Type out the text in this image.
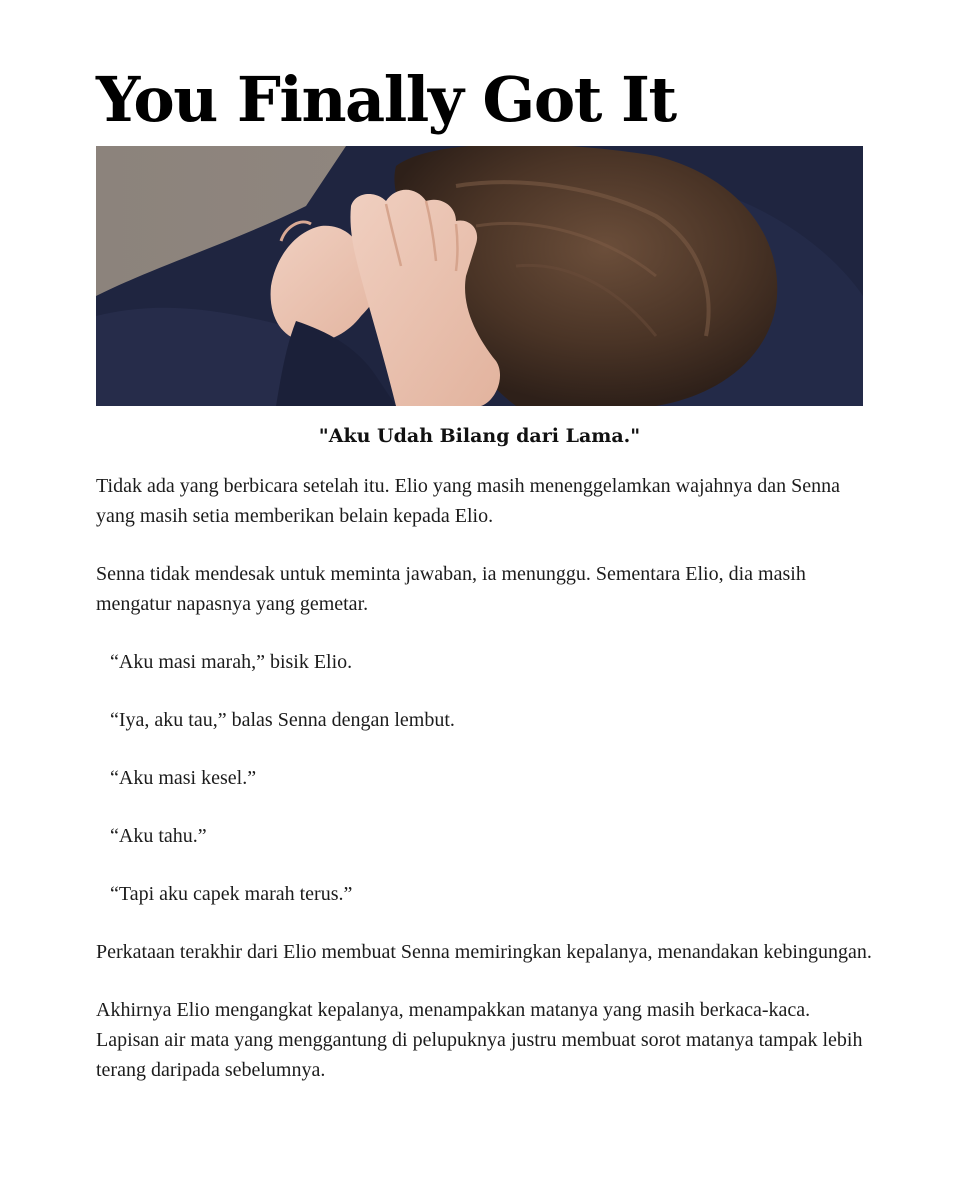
You Finally Got It

"Aku Udah Bilang dari Lama."

Tidak ada yang berbicara setelah itu. Elio yang masih menenggelamkan wajahnya dan Senna yang masih setia memberikan belain kepada Elio.

Senna tidak mendesak untuk meminta jawaban, ia menunggu. Sementara Elio, dia masih mengatur napasnya yang gemetar.

“Aku masi marah,” bisik Elio.

“Iya, aku tau,” balas Senna dengan lembut.

“Aku masi kesel.”

“Aku tahu.”

“Tapi aku capek marah terus.”

Perkataan terakhir dari Elio membuat Senna memiringkan kepalanya, menandakan kebingungan.

Akhirnya Elio mengangkat kepalanya, menampakkan matanya yang masih berkaca-kaca. Lapisan air mata yang menggantung di pelupuknya justru membuat sorot matanya tampak lebih terang daripada sebelumnya.
